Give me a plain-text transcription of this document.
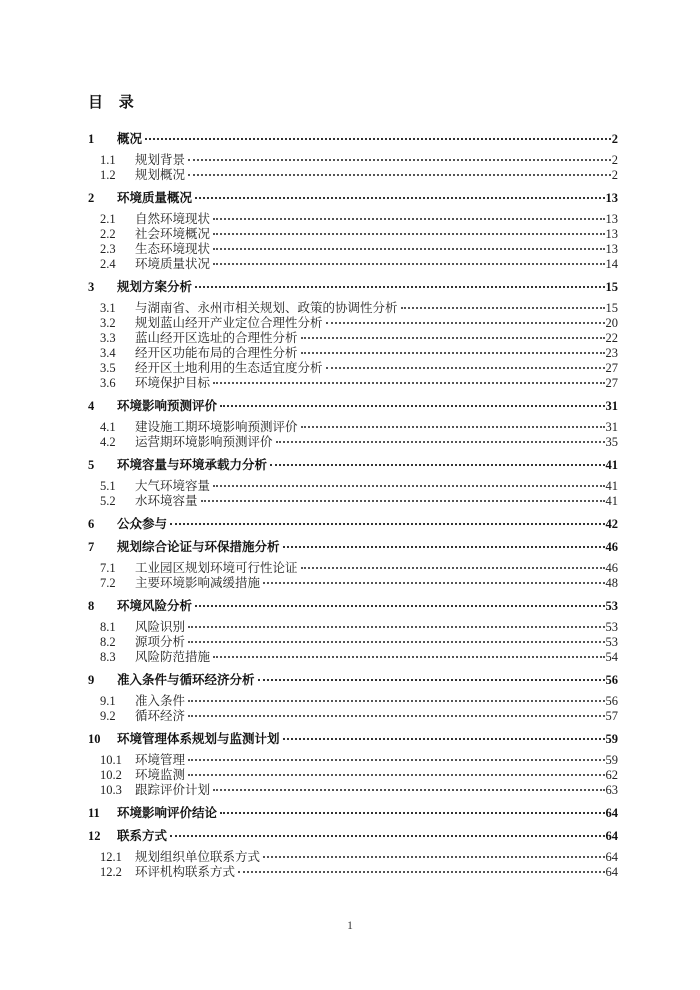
目 录
1	概况	2
1.1	规划背景	2
1.2	规划概况	2
2	环境质量概况	13
2.1	自然环境现状	13
2.2	社会环境概况	13
2.3	生态环境现状	13
2.4	环境质量状况	14
3	规划方案分析	15
3.1	与湖南省、永州市相关规划、政策的协调性分析	15
3.2	规划蓝山经开产业定位合理性分析	20
3.3	蓝山经开区选址的合理性分析	22
3.4	经开区功能布局的合理性分析	23
3.5	经开区土地利用的生态适宜度分析	27
3.6	环境保护目标	27
4	环境影响预测评价	31
4.1	建设施工期环境影响预测评价	31
4.2	运营期环境影响预测评价	35
5	环境容量与环境承载力分析	41
5.1	大气环境容量	41
5.2	水环境容量	41
6	公众参与	42
7	规划综合论证与环保措施分析	46
7.1	工业园区规划环境可行性论证	46
7.2	主要环境影响减缓措施	48
8	环境风险分析	53
8.1	风险识别	53
8.2	源项分析	53
8.3	风险防范措施	54
9	准入条件与循环经济分析	56
9.1	准入条件	56
9.2	循环经济	57
10	环境管理体系规划与监测计划	59
10.1	环境管理	59
10.2	环境监测	62
10.3	跟踪评价计划	63
11	环境影响评价结论	64
12	联系方式	64
12.1	规划组织单位联系方式	64
12.2	环评机构联系方式	64
1
